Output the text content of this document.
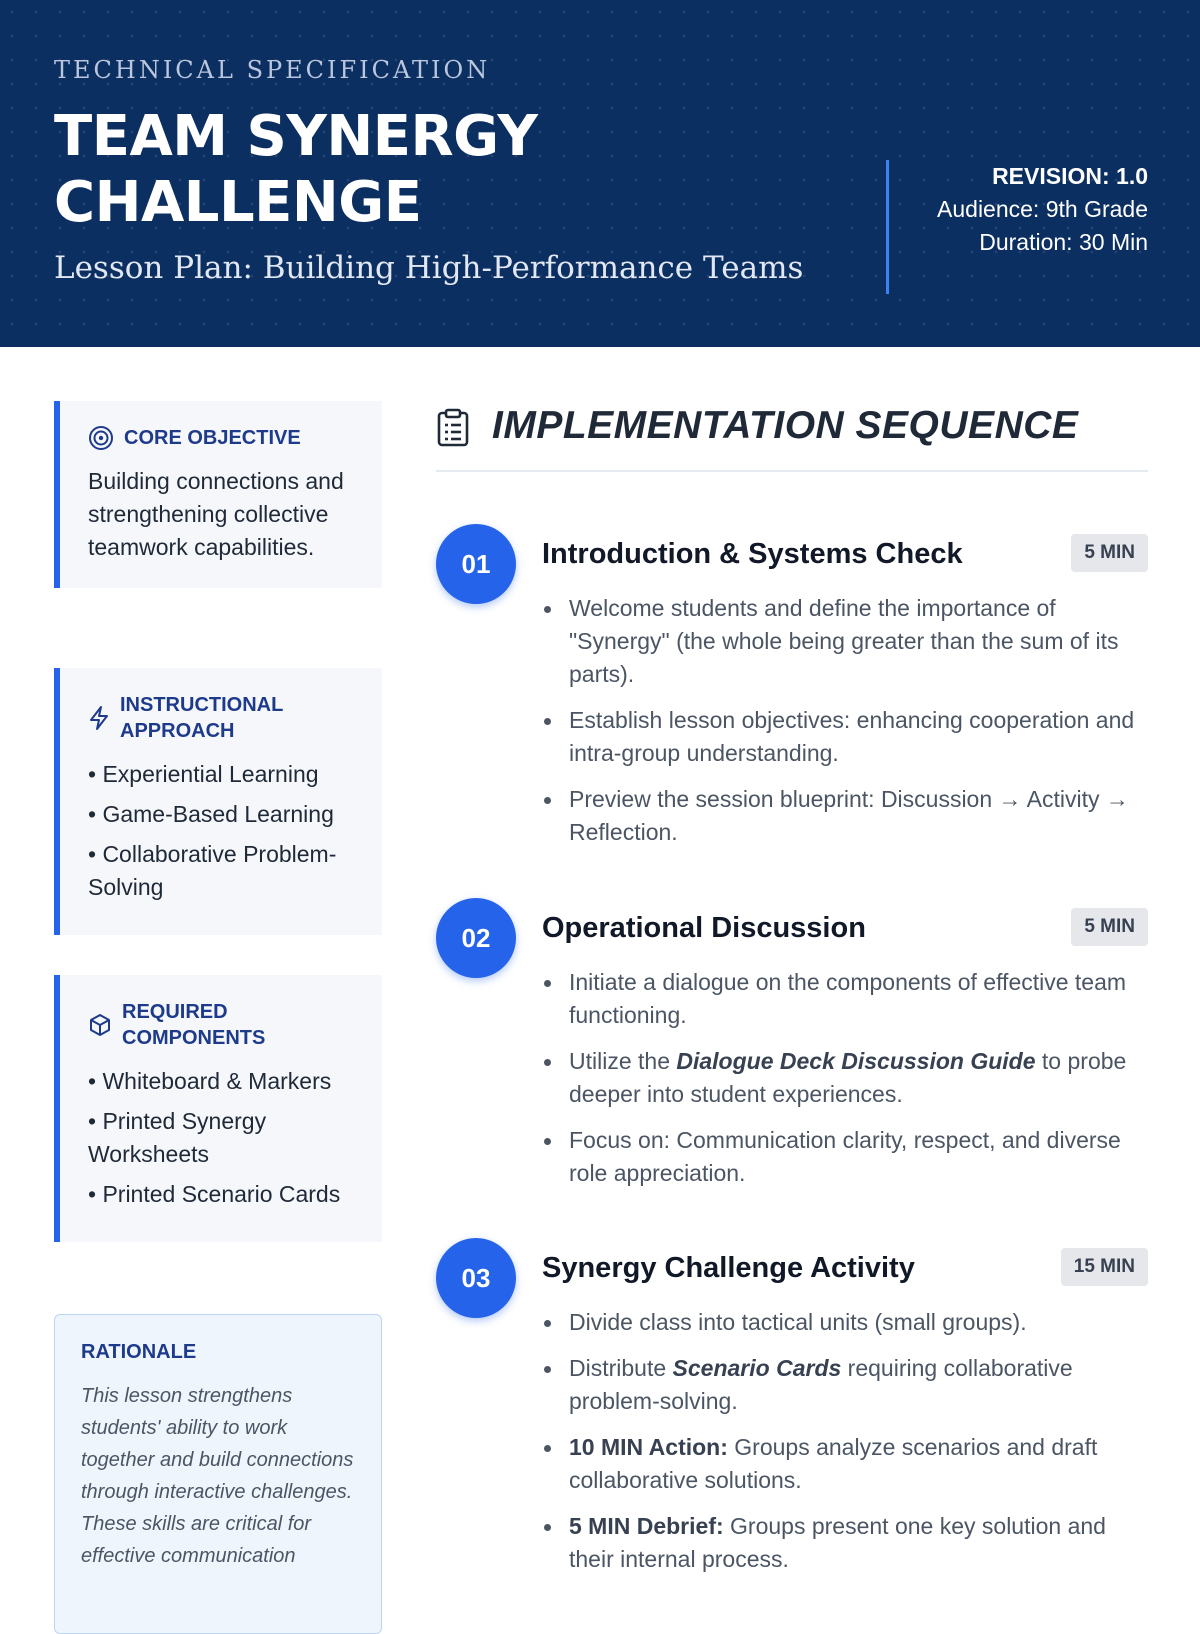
TECHNICAL SPECIFICATION
TEAM SYNERGY
CHALLENGE
Lesson Plan: Building High-Performance Teams
REVISION: 1.0
Audience: 9th Grade
Duration: 30 Min
CORE OBJECTIVE
Building connections and strengthening collective teamwork capabilities.
INSTRUCTIONAL APPROACH
• Experiential Learning
• Game-Based Learning
• Collaborative Problem-Solving
REQUIRED COMPONENTS
• Whiteboard & Markers
• Printed Synergy Worksheets
• Printed Scenario Cards
RATIONALE
This lesson strengthens students' ability to work together and build connections through interactive challenges. These skills are critical for effective communication
IMPLEMENTATION SEQUENCE
01	Introduction & Systems Check	5 MIN
Welcome students and define the importance of "Synergy" (the whole being greater than the sum of its parts).
Establish lesson objectives: enhancing cooperation and intra-group understanding.
Preview the session blueprint: Discussion → Activity → Reflection.
02	Operational Discussion	5 MIN
Initiate a dialogue on the components of effective team functioning.
Utilize the Dialogue Deck Discussion Guide to probe deeper into student experiences.
Focus on: Communication clarity, respect, and diverse role appreciation.
03	Synergy Challenge Activity	15 MIN
Divide class into tactical units (small groups).
Distribute Scenario Cards requiring collaborative problem-solving.
10 MIN Action: Groups analyze scenarios and draft collaborative solutions.
5 MIN Debrief: Groups present one key solution and their internal process.
